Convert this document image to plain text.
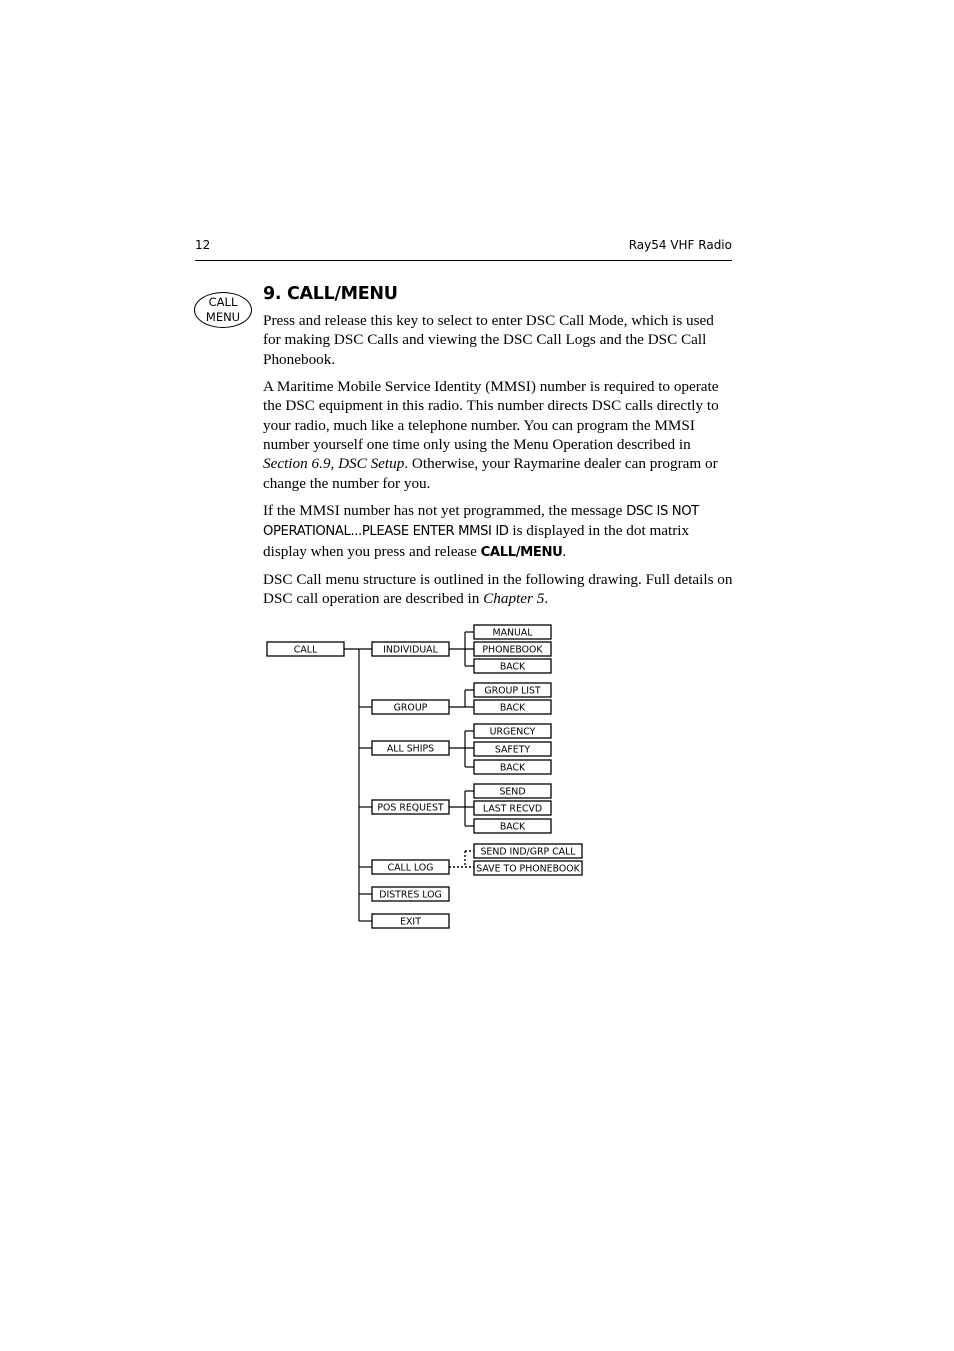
12	Ray54 VHF Radio
CALL
MENU
9. CALL/MENU

Press and release this key to select to enter DSC Call Mode, which is used for making DSC Calls and viewing the DSC Call Logs and the DSC Call Phonebook.

A Maritime Mobile Service Identity (MMSI) number is required to operate the DSC equipment in this radio. This number directs DSC calls directly to your radio, much like a telephone number. You can program the MMSI number yourself one time only using the Menu Operation described in Section 6.9, DSC Setup. Otherwise, your Raymarine dealer can program or change the number for you.

If the MMSI number has not yet programmed, the message DSC IS NOT OPERATIONAL...PLEASE ENTER MMSI ID is displayed in the dot matrix display when you press and release CALL/MENU.

DSC Call menu structure is outlined in the following drawing. Full details on DSC call operation are described in Chapter 5.

CALL	INDIVIDUAL
GROUP
ALL SHIPS
POS REQUEST
CALL LOG
DISTRES LOG
EXIT
MANUAL
PHONEBOOK
BACK
GROUP LIST
BACK
URGENCY
SAFETY
BACK
SEND
LAST RECVD
BACK
SEND IND/GRP CALL
SAVE TO PHONEBOOK
